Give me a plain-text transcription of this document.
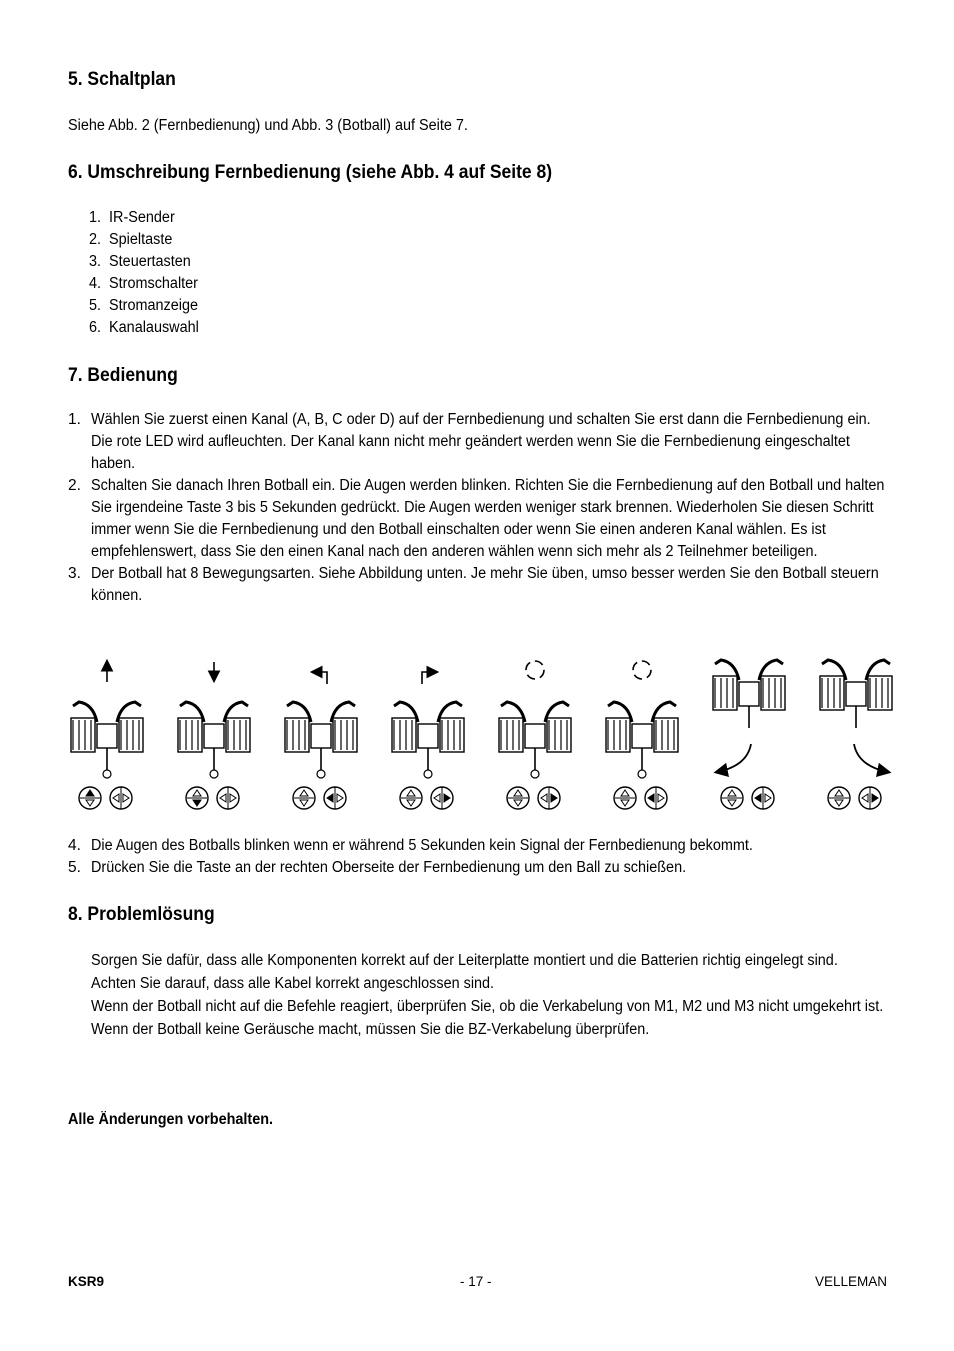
5. Schaltplan

Siehe Abb. 2 (Fernbedienung) und Abb. 3 (Botball) auf Seite 7.

6. Umschreibung Fernbedienung (siehe Abb. 4 auf Seite 8)
1. IR-Sender
2. Spieltaste
3. Steuertasten
4. Stromschalter
5. Stromanzeige
6. Kanalauswahl
7. Bedienung
1. Wählen Sie zuerst einen Kanal (A, B, C oder D) auf der Fernbedienung und schalten Sie erst dann die Fernbedienung ein. Die rote LED wird aufleuchten. Der Kanal kann nicht mehr geändert werden wenn Sie die Fernbedienung eingeschaltet haben.
2. Schalten Sie danach Ihren Botball ein. Die Augen werden blinken. Richten Sie die Fernbedienung auf den Botball und halten Sie irgendeine Taste 3 bis 5 Sekunden gedrückt. Die Augen werden weniger stark brennen. Wiederholen Sie diesen Schritt immer wenn Sie die Fernbedienung und den Botball einschalten oder wenn Sie einen anderen Kanal wählen. Es ist empfehlenswert, dass Sie den einen Kanal nach den anderen wählen wenn sich mehr als 2 Teilnehmer beteiligen.
3. Der Botball hat 8 Bewegungsarten. Siehe Abbildung unten. Je mehr Sie üben, umso besser werden Sie den Botball steuern können.
4. Die Augen des Botballs blinken wenn er während 5 Sekunden kein Signal der Fernbedienung bekommt.
5. Drücken Sie die Taste an der rechten Oberseite der Fernbedienung um den Ball zu schießen.
8. Problemlösung

Sorgen Sie dafür, dass alle Komponenten korrekt auf der Leiterplatte montiert und die Batterien richtig eingelegt sind.

Achten Sie darauf, dass alle Kabel korrekt angeschlossen sind.

Wenn der Botball nicht auf die Befehle reagiert, überprüfen Sie, ob die Verkabelung von M1, M2 und M3 nicht umgekehrt ist.

Wenn der Botball keine Geräusche macht, müssen Sie die BZ-Verkabelung überprüfen.

Alle Änderungen vorbehalten.

KSR9	- 17 -	VELLEMAN
